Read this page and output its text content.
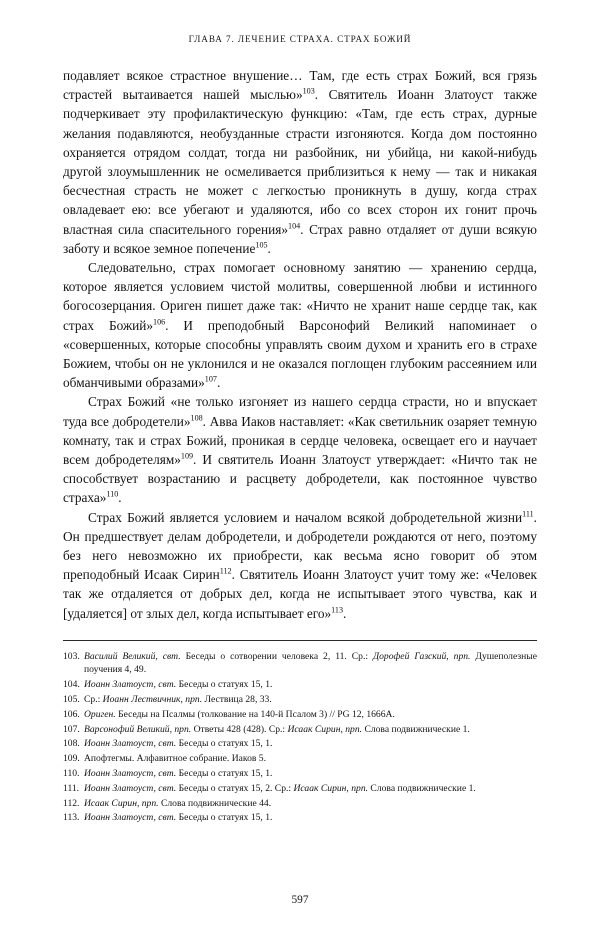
ГЛАВА 7. ЛЕЧЕНИЕ СТРАХА. СТРАХ БОЖИЙ

подавляет всякое страстное внушение… Там, где есть страх Божий, вся грязь страстей вытаивается нашей мыслью»$^{103}$. Святитель Иоанн Златоуст также подчеркивает эту профилактическую функцию: «Там, где есть страх, дурные желания подавляются, необузданные страсти изгоняются. Когда дом постоянно охраняется отрядом солдат, тогда ни разбойник, ни убийца, ни какой-нибудь другой злоумышленник не осмеливается приблизиться к нему — так и никакая бесчестная страсть не может с легкостью проникнуть в душу, когда страх овладевает ею: все убегают и удаляются, ибо со всех сторон их гонит прочь властная сила спасительного горения»$^{104}$. Страх равно отдаляет от души всякую заботу и всякое земное попечение$^{105}$.

Следовательно, страх помогает основному занятию — хранению сердца, которое является условием чистой молитвы, совершенной любви и истинного богосозерцания. Ориген пишет даже так: «Ничто не хранит наше сердце так, как страх Божий»$^{106}$. И преподобный Варсонофий Великий напоминает о «совершенных, которые способны управлять своим духом и хранить его в страхе Божием, чтобы он не уклонился и не оказался поглощен глубоким рассеянием или обманчивыми образами»$^{107}$.

Страх Божий «не только изгоняет из нашего сердца страсти, но и впускает туда все добродетели»$^{108}$. Авва Иаков наставляет: «Как светильник озаряет темную комнату, так и страх Божий, проникая в сердце человека, освещает его и научает всем добродетелям»$^{109}$. И святитель Иоанн Златоуст утверждает: «Ничто так не способствует возрастанию и расцвету добродетели, как постоянное чувство страха»$^{110}$.

Страх Божий является условием и началом всякой добродетельной жизни$^{111}$. Он предшествует делам добродетели, и добродетели рождаются от него, поэтому без него невозможно их приобрести, как весьма ясно говорит об этом преподобный Исаак Сирин$^{112}$. Святитель Иоанн Златоуст учит тому же: «Человек так же отдаляется от добрых дел, когда не испытывает этого чувства, как и [удаляется] от злых дел, когда испытывает его»$^{113}$.

103. Василий Великий, свт. Беседы о сотворении человека 2, 11. Ср.: Дорофей Газский, прп. Душеполезные поучения 4, 49.
104. Иоанн Златоуст, свт. Беседы о статуях 15, 1.
105. Ср.: Иоанн Лествичник, прп. Лествица 28, 33.
106. Ориген. Беседы на Псалмы (толкование на 140-й Псалом 3) // PG 12, 1666A.
107. Варсонофий Великий, прп. Ответы 428 (428). Ср.: Исаак Сирин, прп. Слова подвижнические 1.
108. Иоанн Златоуст, свт. Беседы о статуях 15, 1.
109. Апофтегмы. Алфавитное собрание. Иаков 5.
110. Иоанн Златоуст, свт. Беседы о статуях 15, 1.
111. Иоанн Златоуст, свт. Беседы о статуях 15, 2. Ср.: Исаак Сирин, прп. Слова подвижнические 1.
112. Исаак Сирин, прп. Слова подвижнические 44.
113. Иоанн Златоуст, свт. Беседы о статуях 15, 1.
597
